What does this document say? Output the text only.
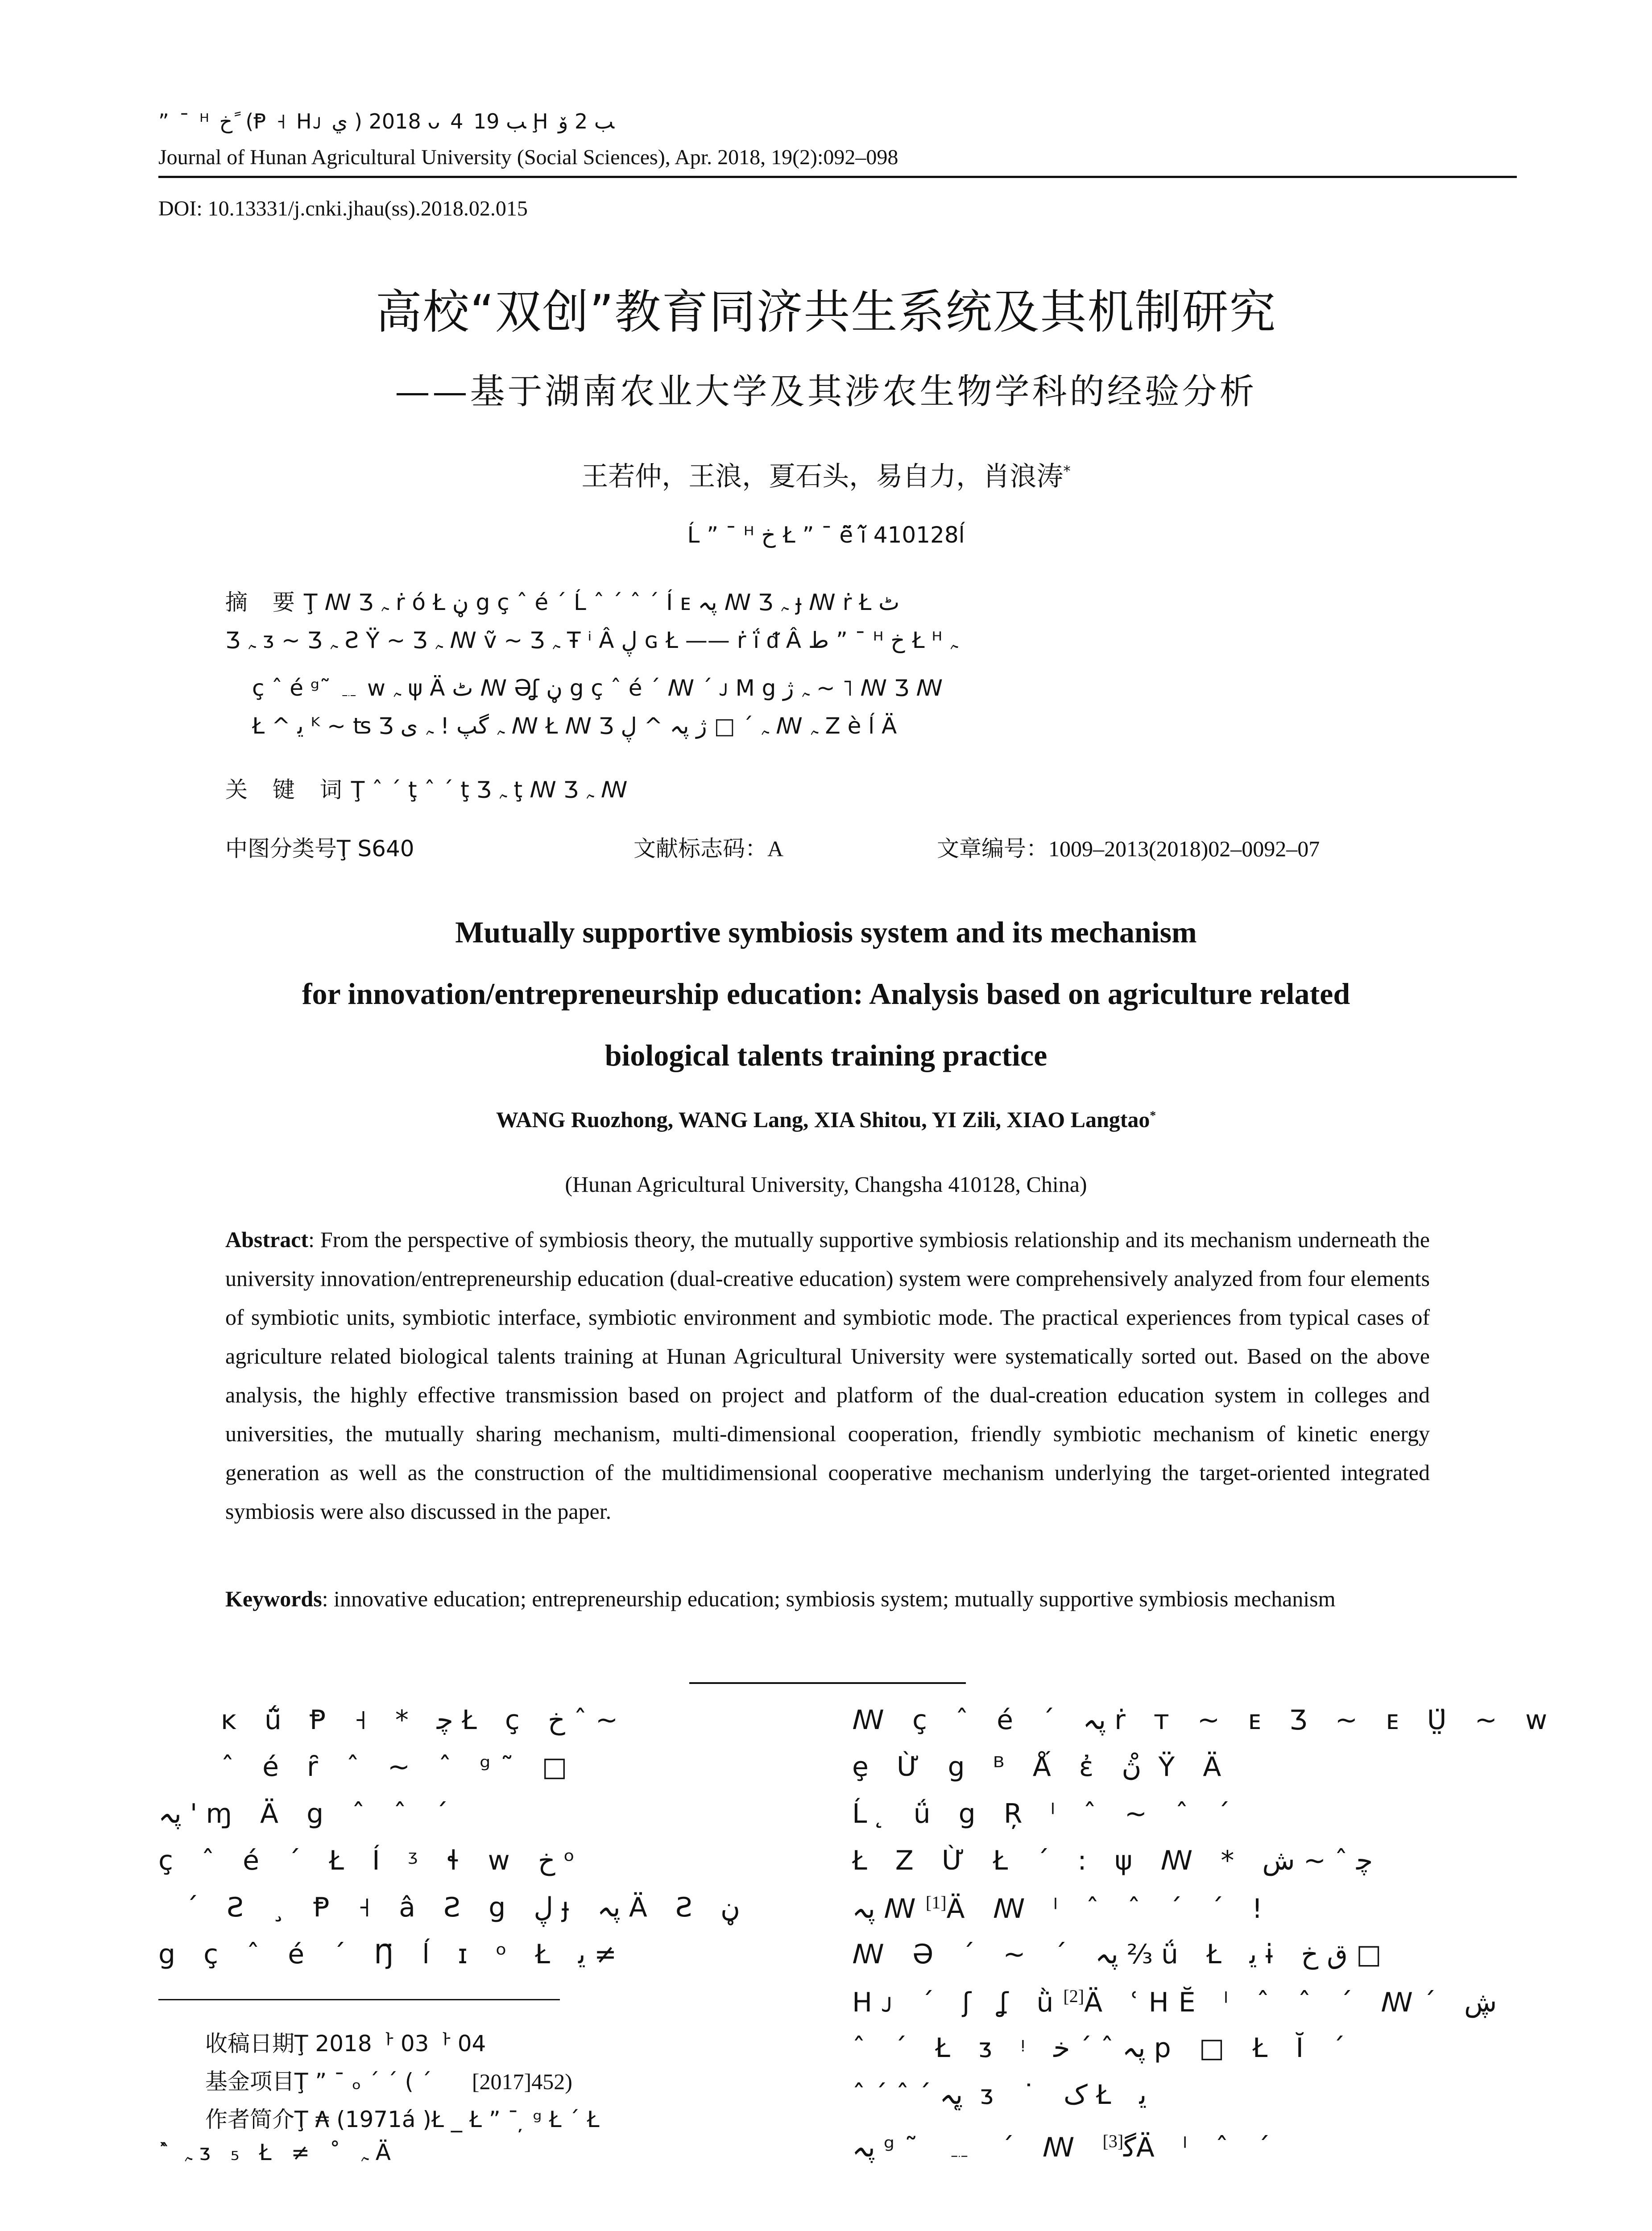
” ¯ ᴴ ﺥ ً (Ᵽ ˧ Hᴊ ي ) 2018 ᴗ 4 ﺐ 19 Ḩ ﺐ 2 ﯙ
Journal of Hunan Agricultural University (Social Sciences), Apr. 2018, 19(2):092–098
DOI: 10.13331/j.cnki.jhau(ss).2018.02.015
高校“双创”教育同济共生系统及其机制研究
——基于湖南农业大学及其涉农生物学科的经验分析
王若仲，王浪，夏石头，易自力，肖浪涛*
Ĺ ” ¯ ᴴ ﺥ Ł ” ¯ ẽ̃ ĭ̂ 410128ĺ
摘 要Ţ ꟿ Ʒ ﮧ ṙ ó Ł ڼ g ç ˆ é ´ Ĺ ˆ ´ ˆ ´ Í ᴇ پہ ꟿ Ʒ ﮧ ɟ ꟿ ṙ Ł ٹ
Ʒ ﮧ ᴣ ~ Ʒ ﮧ Ƨ Ÿ ~ Ʒ ﮧ ꟿ ṽ ~ Ʒ ﮧ Ŧ ⁱ Â ڸ ɢ Ł —— ṙ ḯ ᵭ Â ط ” ¯ ᴴ ﺥ Ł ᴴ ﮧ
ç ˆ é ᵍ˜ ﹎ w ﮧ ψ Ä ٹ ꟿ Əʆ ڼ g ç ˆ é ´ ꟿ ´ ᴊ M g ﮧ ژ ~ ˥ ꟿ Ʒ ꟿ
Ł ^ ﯾ ᴷ ~ ʦ Ʒ ﮧ گپ ! ﮧ ﯼ ꟿ Ł ꟿ Ʒ ﮧ ´ □ ژ پہ ^ ڸ ꟿ ﮧ Z è ĺ Ä
关 键 词Ţ ˆ ´ ţ ˆ ´ ţ Ʒ ﮧ ţ ꟿ Ʒ ﮧ ꟿ
中图分类号Ţ S640	文献标志码：A	文章编号：1009–2013(2018)02–0092–07
Mutually supportive symbiosis system and its mechanism
for innovation/entrepreneurship education: Analysis based on agriculture related
biological talents training practice
WANG Ruozhong, WANG Lang, XIA Shitou, YI Zili, XIAO Langtao*
(Hunan Agricultural University, Changsha 410128, China)
Abstract: From the perspective of symbiosis theory, the mutually supportive symbiosis relationship and its mechanism underneath the university innovation/entrepreneurship education (dual-creative education) system were comprehensively analyzed from four elements of symbiotic units, symbiotic interface, symbiotic environment and symbiotic mode. The practical experiences from typical cases of agriculture related biological talents training at Hunan Agricultural University were systematically sorted out. Based on the above analysis, the highly effective transmission based on project and platform of the dual-creation education system in colleges and universities, the mutually sharing mechanism, multi-dimensional cooperation, friendly symbiotic mechanism of kinetic energy generation as well as the construction of the multidimensional cooperative mechanism underlying the target-oriented integrated symbiosis were also discussed in the paper.
Keywords: innovative education; entrepreneurship education; symbiosis system; mutually supportive symbiosis mechanism
ᴋ ǘ̃ Ᵽ ˧ * ﭼ Ł ç ﺥ ˆ ~
ˆ é ȓ ˆ ~ ˆ ᵍ˜ □
پہ ' ɱ Ä g ˆ ˆ ´
ç ˆ é ´ Ł Í ᶾ ɬ w ﺥ ᵒ
´ Ƨ ¸ Ᵽ ˧ â Ƨ g ڸ ɟ پہ Ä Ƨ ڼ
g ç ˆ é ´ Ŋ̈ ĺ ɪ ᵒ Ł ﯾ ≠
ꟿ ç ˆ é ´ پہ ṙ ᴛ ~ ᴇ Ʒ ~ ᴇ Ṳ̈ ~ w
ȩ Ừ g ᴮ Ǻ ἐ ڽ ̊ Ÿ Ä
Ĺ ̨ ǘ g Ŗ ˡ ˆ ~ ˆ ´
Ł Ζ Ừ Ł ´ : ψ ꟿ * ﭼ ˆ ~ ش
پہ ꟿ[1]Ä ꟿ ˡ ˆ ˆ ´ ´ !
ꟿ Ə ´ ~ ´ پہ ⅔ ǘ Ł ﯾ ɨ ق ﺥ □
Hᴊ ´ ʃ ʆ ǜ[2]Ä ʿHĔ ˡ ˆ ˆ ´ ꟿ´ ڜ
ˆ ´ Ł ᴣ ᵎ پہ ˆ ´ ﺧ p □ Ł Ĭ ´
ˆ ´ ˆ ´ پہ ̜ ᴣ ˙ ﮎ Ł ﯾ
پہ ᵍ˜ ﹎ ´ ꟿ ﮔ[3] Ä ˡ ˆ ´
收稿日期Ţ 2018ᅡ 03ᅡ 04
基金项目Ţ ” ¯ ₒ ´ ´ ( ´ [2017]452)
作者简介Ţ ₳ (1971á )Ł _ Ł ” ¯ ̦ ᵍ Ł ´ Ł
` ̂ ﮧ ᴣ ₅ Ł ≠ ˚ ﮧ Ä
